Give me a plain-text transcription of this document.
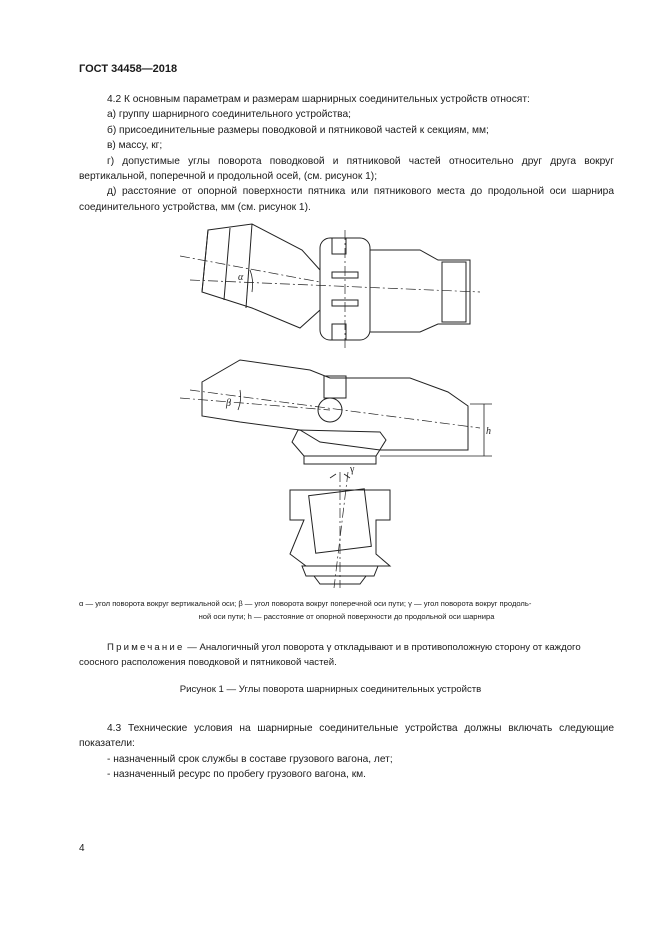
ГОСТ 34458—2018

4.2 К основным параметрам и размерам шарнирных соединительных устройств относят:

а) группу шарнирного соединительного устройства;

б) присоединительные размеры поводковой и пятниковой частей к секциям, мм;

в) массу, кг;

г) допустимые углы поворота поводковой и пятниковой частей относительно друг друга вокруг вертикальной, поперечной и продольной осей, (см. рисунок 1);

д) расстояние от опорной поверхности пятника или пятникового места до продольной оси шарнирa соединительного устройства, мм (см. рисунок 1).

α
β
h
γ
α — угол поворота вокруг вертикальной оси; β — угол поворота вокруг поперечной оси пути; γ — угол поворота вокруг продоль-
ной оси пути; h — расстояние от опорной поверхности до продольной оси шарнира
Примечание — Аналогичный угол поворота γ откладывают и в противоположную сторону от каждого соосного расположения поводковой и пятниковой частей.
Рисунок 1 — Углы поворота шарнирных соединительных устройств

4.3 Технические условия на шарнирные соединительные устройства должны включать следующие показатели:

- назначенный срок службы в составе грузового вагона, лет;

- назначенный ресурс по пробегу грузового вагона, км.

4
